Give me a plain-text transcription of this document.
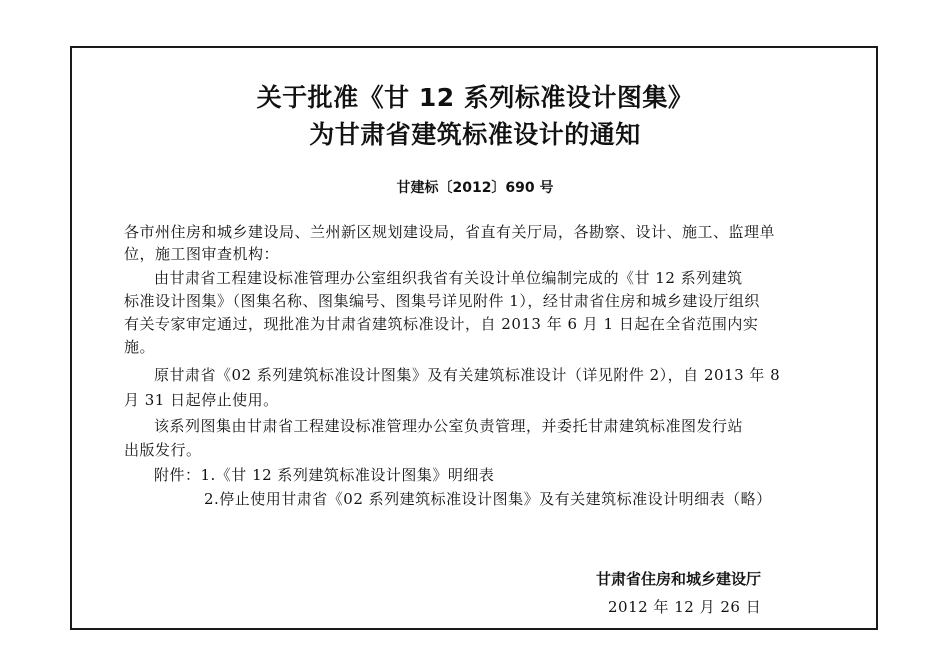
关于批准《甘 12 系列标准设计图集》
为甘肃省建筑标准设计的通知
甘建标〔2012〕690 号
各市州住房和城乡建设局、兰州新区规划建设局，省直有关厅局，各勘察、设计、施工、监理单
位，施工图审查机构：
由甘肃省工程建设标准管理办公室组织我省有关设计单位编制完成的《甘 12 系列建筑
标准设计图集》（图集名称、图集编号、图集号详见附件 1），经甘肃省住房和城乡建设厅组织
有关专家审定通过，现批准为甘肃省建筑标准设计，自 2013 年 6 月 1 日起在全省范围内实
施。
原甘肃省《02 系列建筑标准设计图集》及有关建筑标准设计（详见附件 2），自 2013 年 8
月 31 日起停止使用。
该系列图集由甘肃省工程建设标准管理办公室负责管理，并委托甘肃建筑标准图发行站
出版发行。
附件：1.《甘 12 系列建筑标准设计图集》明细表
2.停止使用甘肃省《02 系列建筑标准设计图集》及有关建筑标准设计明细表（略）
甘肃省住房和城乡建设厅
2012 年 12 月 26 日
